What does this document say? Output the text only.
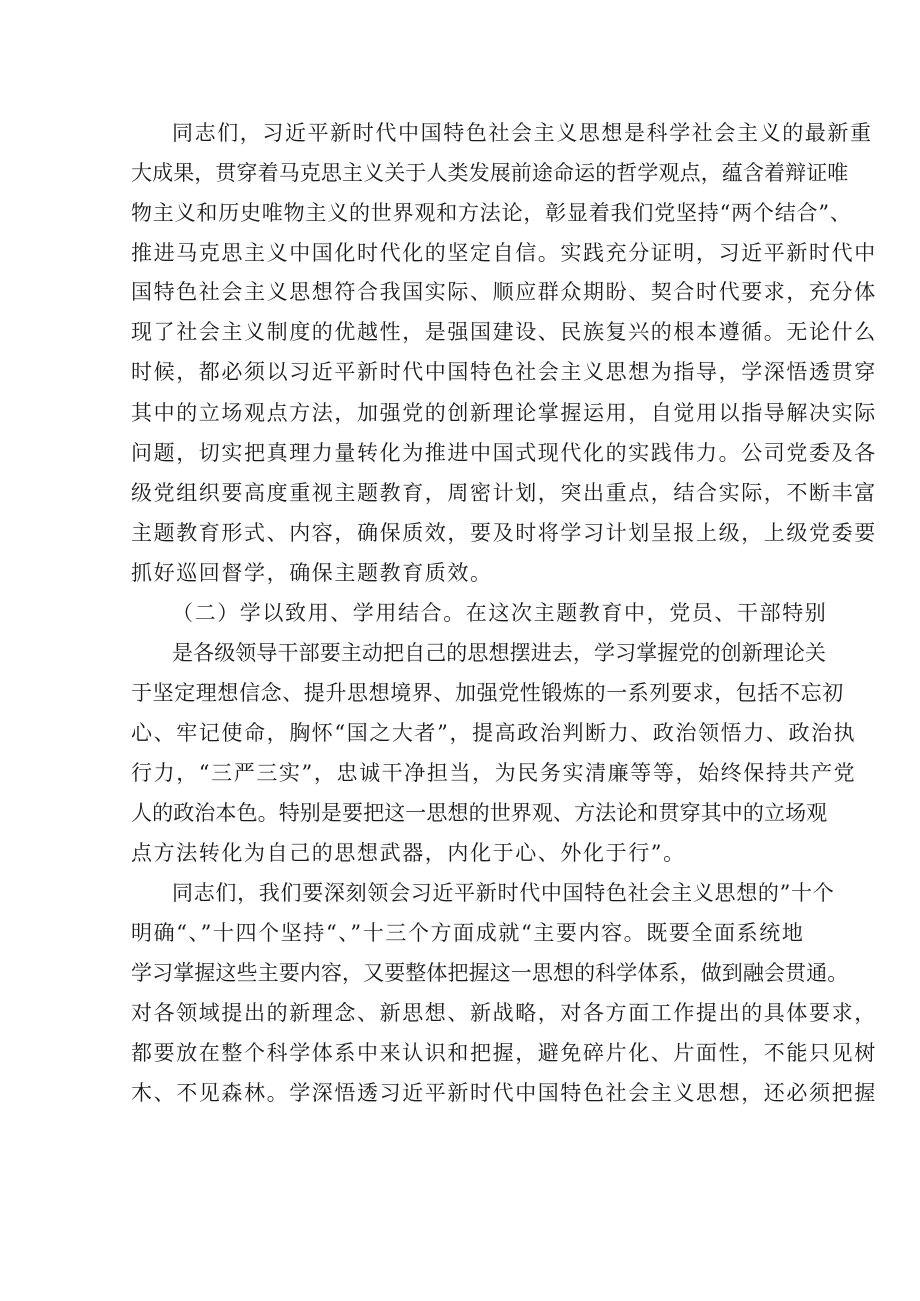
同志们，习近平新时代中国特色社会主义思想是科学社会主义的最新重
大成果，贯穿着马克思主义关于人类发展前途命运的哲学观点，蕴含着辩证唯
物主义和历史唯物主义的世界观和方法论，彰显着我们党坚持“两个结合”、
推进马克思主义中国化时代化的坚定自信。实践充分证明，习近平新时代中
国特色社会主义思想符合我国实际、顺应群众期盼、契合时代要求，充分体
现了社会主义制度的优越性，是强国建设、民族复兴的根本遵循。无论什么
时候，都必须以习近平新时代中国特色社会主义思想为指导，学深悟透贯穿
其中的立场观点方法，加强党的创新理论掌握运用，自觉用以指导解决实际
问题，切实把真理力量转化为推进中国式现代化的实践伟力。公司党委及各
级党组织要高度重视主题教育，周密计划，突出重点，结合实际，不断丰富
主题教育形式、内容，确保质效，要及时将学习计划呈报上级，上级党委要
抓好巡回督学，确保主题教育质效。
（二）学以致用、学用结合。在这次主题教育中，党员、干部特别
是各级领导干部要主动把自己的思想摆进去，学习掌握党的创新理论关
于坚定理想信念、提升思想境界、加强党性锻炼的一系列要求，包括不忘初
心、牢记使命，胸怀“国之大者”，提高政治判断力、政治领悟力、政治执
行力，“三严三实”，忠诚干净担当，为民务实清廉等等，始终保持共产党
人的政治本色。特别是要把这一思想的世界观、方法论和贯穿其中的立场观
点方法转化为自己的思想武器，内化于心、外化于行”。
同志们，我们要深刻领会习近平新时代中国特色社会主义思想的”十个
明确“、”十四个坚持“、”十三个方面成就“主要内容。既要全面系统地
学习掌握这些主要内容，又要整体把握这一思想的科学体系，做到融会贯通。
对各领域提出的新理念、新思想、新战略，对各方面工作提出的具体要求，
都要放在整个科学体系中来认识和把握，避免碎片化、片面性，不能只见树
木、不见森林。学深悟透习近平新时代中国特色社会主义思想，还必须把握
